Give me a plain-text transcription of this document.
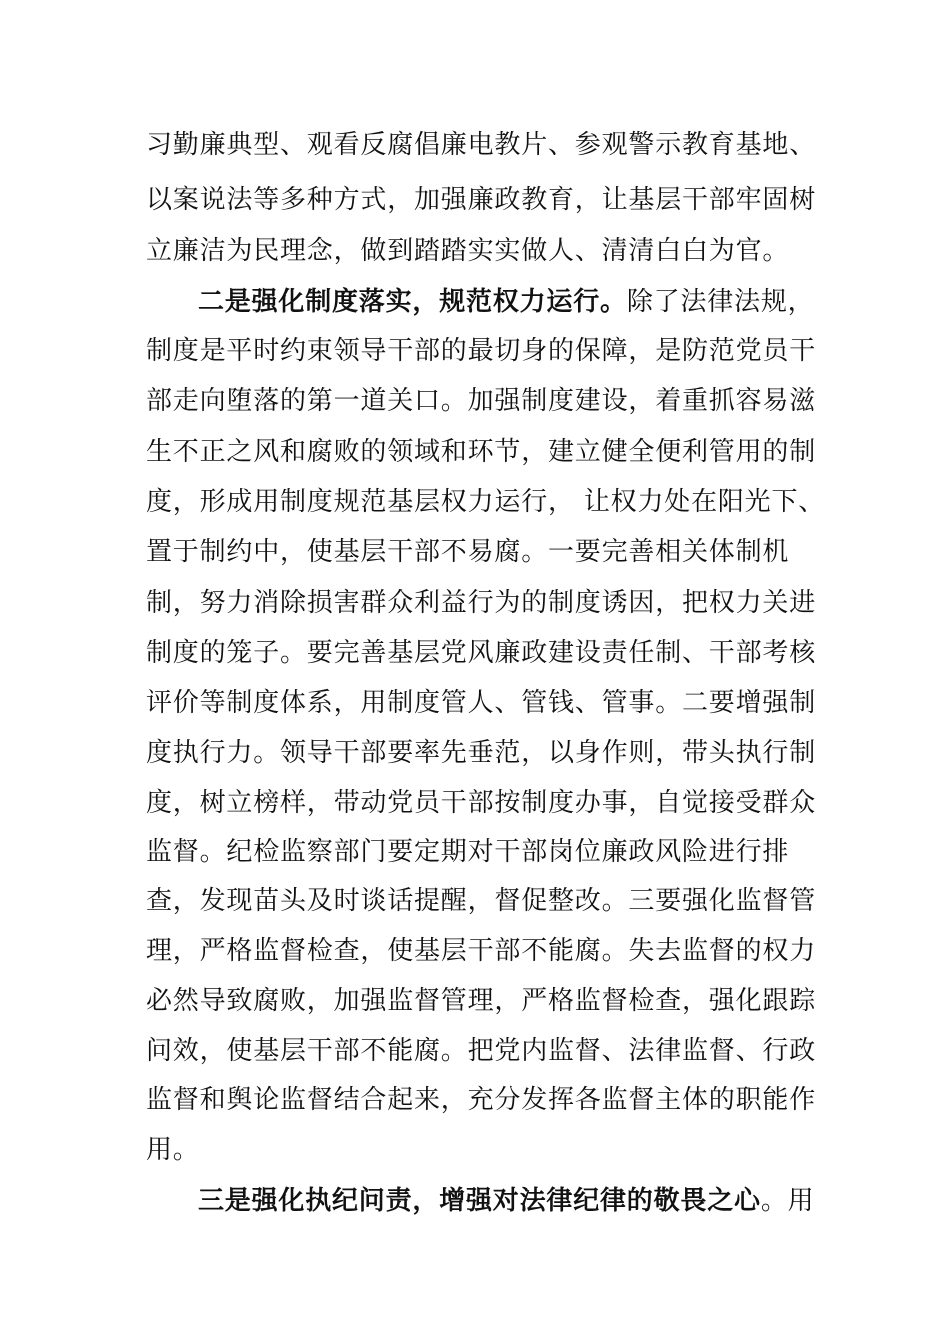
习勤廉典型、观看反腐倡廉电教片、参观警示教育基地、
以案说法等多种方式，加强廉政教育，让基层干部牢固树
立廉洁为民理念，做到踏踏实实做人、清清白白为官。
二是强化制度落实，规范权力运行。除了法律法规，
制度是平时约束领导干部的最切身的保障，是防范党员干
部走向堕落的第一道关口。加强制度建设，着重抓容易滋
生不正之风和腐败的领域和环节，建立健全便利管用的制
度，形成用制度规范基层权力运行， 让权力处在阳光下、
置于制约中，使基层干部不易腐。一要完善相关体制机
制，努力消除损害群众利益行为的制度诱因，把权力关进
制度的笼子。要完善基层党风廉政建设责任制、干部考核
评价等制度体系，用制度管人、管钱、管事。二要增强制
度执行力。领导干部要率先垂范，以身作则，带头执行制
度，树立榜样，带动党员干部按制度办事，自觉接受群众
监督。纪检监察部门要定期对干部岗位廉政风险进行排
查，发现苗头及时谈话提醒，督促整改。三要强化监督管
理，严格监督检查，使基层干部不能腐。失去监督的权力
必然导致腐败，加强监督管理，严格监督检查，强化跟踪
问效，使基层干部不能腐。把党内监督、法律监督、行政
监督和舆论监督结合起来，充分发挥各监督主体的职能作
用。
三是强化执纪问责，增强对法律纪律的敬畏之心。用
